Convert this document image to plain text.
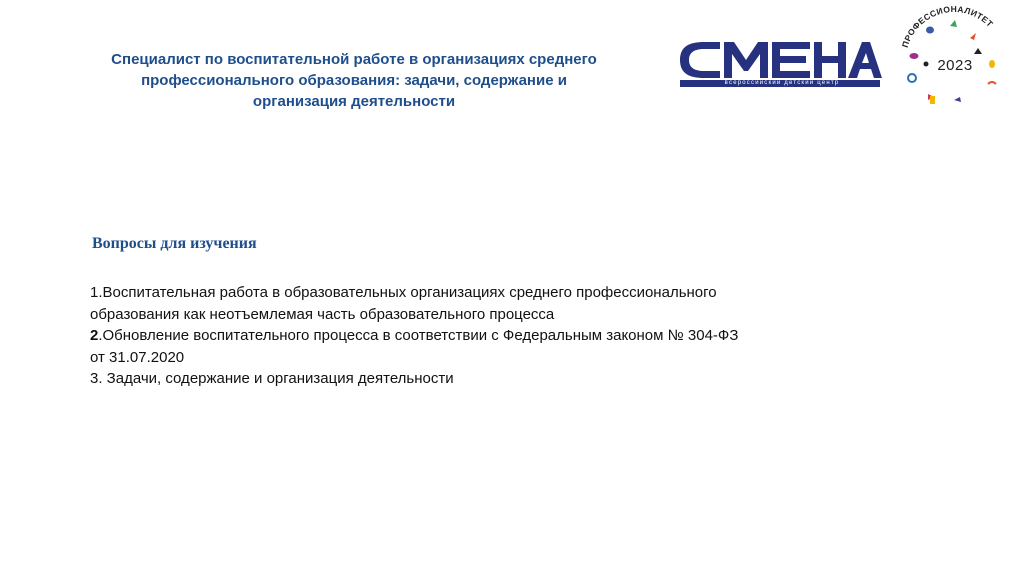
Специалист по воспитательной работе в организациях среднего
профессионального образования: задачи, содержание и
организация деятельности
всероссийский детский центр
ПРОФЕССИОНАЛИТЕТ
2023
Вопросы для изучения
1.Воспитательная работа в образовательных организациях среднего профессионального
образования как неотъемлемая часть образовательного процесса
2.Обновление воспитательного процесса в соответствии с Федеральным законом № 304-ФЗ
от 31.07.2020
3. Задачи, содержание и организация деятельности
